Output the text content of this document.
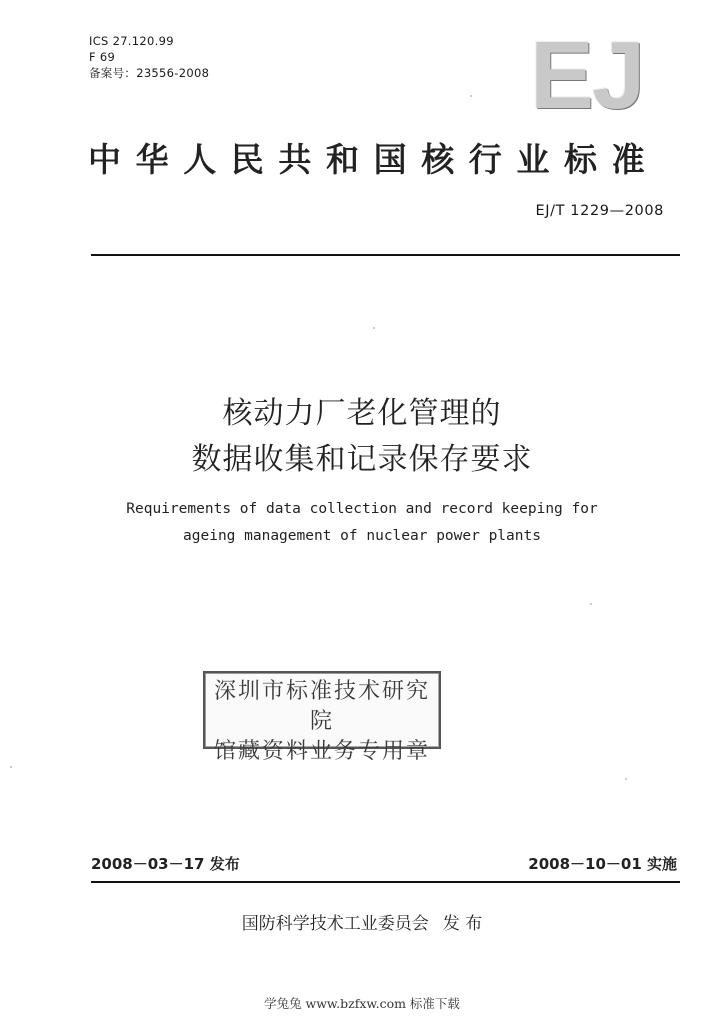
ICS 27.120.99
F 69
备案号：23556-2008	EJ
中华人民共和国核行业标准
EJ/T 1229—2008
核动力厂老化管理的
数据收集和记录保存要求
Requirements of data collection and record keeping for
ageing management of nuclear power plants
深圳市标准技术研究院
馆藏资料业务专用章
2008－03－17 发布	2008－10－01 实施
国防科学技术工业委员会 发 布
学兔兔 www.bzfxw.com 标准下载
